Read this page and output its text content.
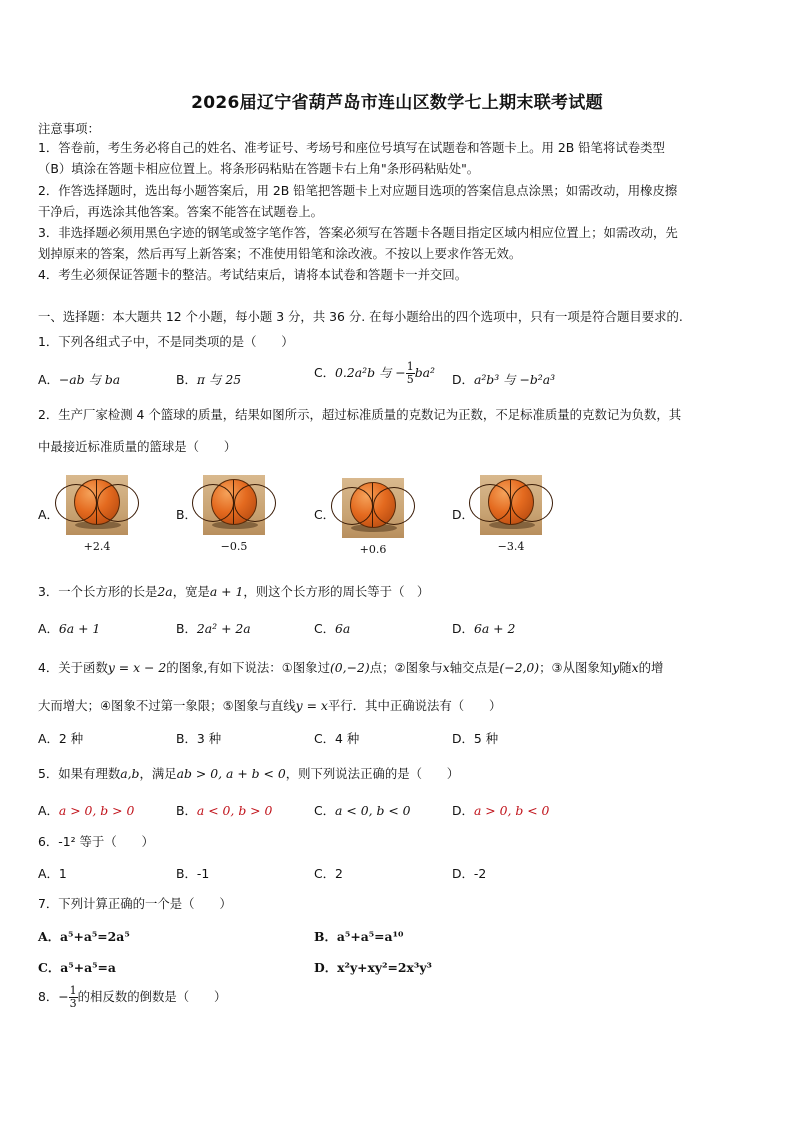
2026届辽宁省葫芦岛市连山区数学七上期末联考试题
注意事项：
1．答卷前，考生务必将自己的姓名、准考证号、考场号和座位号填写在试题卷和答题卡上。用 2B 铅笔将试卷类型
（B）填涂在答题卡相应位置上。将条形码粘贴在答题卡右上角"条形码粘贴处"。
2．作答选择题时，选出每小题答案后，用 2B 铅笔把答题卡上对应题目选项的答案信息点涂黑；如需改动，用橡皮擦
干净后，再选涂其他答案。答案不能答在试题卷上。
3．非选择题必须用黑色字迹的钢笔或签字笔作答，答案必须写在答题卡各题目指定区域内相应位置上；如需改动，先
划掉原来的答案，然后再写上新答案；不准使用铅笔和涂改液。不按以上要求作答无效。
4．考生必须保证答题卡的整洁。考试结束后，请将本试卷和答题卡一并交回。
一、选择题：本大题共 12 个小题，每小题 3 分，共 36 分. 在每小题给出的四个选项中，只有一项是符合题目要求的.
1．下列各组式子中，不是同类项的是（　　）
A．−ab 与 ba	B．π 与 25	C．0.2a²b 与 − $\frac{1}{5} ba^2$ D．a²b³ 与 −b²a³
2．生产厂家检测 4 个篮球的质量，结果如图所示，超过标准质量的克数记为正数，不足标准质量的克数记为负数，其
中最接近标准质量的篮球是（　　）
A．
+2.4
B．
−0.5
C．
+0.6
D．
−3.4
3．一个长方形的长是2a，宽是a + 1，则这个长方形的周长等于（　）
A．6a + 1	B．2a² + 2a	C．6a	D．6a + 2
4．关于函数y = x − 2的图象,有如下说法：①图象过(0,−2)点；②图象与x轴交点是(−2,0)；③从图象知y随x的增
大而增大；④图象不过第一象限；⑤图象与直线y = x平行．其中正确说法有（　　）
A．2 种	B．3 种	C．4 种	D．5 种
5．如果有理数a,b，满足ab > 0, a + b < 0，则下列说法正确的是（　　）
A．a > 0, b > 0	B．a < 0, b > 0	C．a < 0, b < 0	D．a > 0, b < 0
6．-1² 等于（　　）
A．1	B．-1	C．2	D．-2
7．下列计算正确的一个是（　　）
A．a⁵+a⁵=2a⁵	B．a⁵+a⁵=a¹⁰
C．a⁵+a⁵=a	D．x²y+xy²=2x³y³
8．− $\frac{1}{3}$ 的相反数的倒数是（　　）
